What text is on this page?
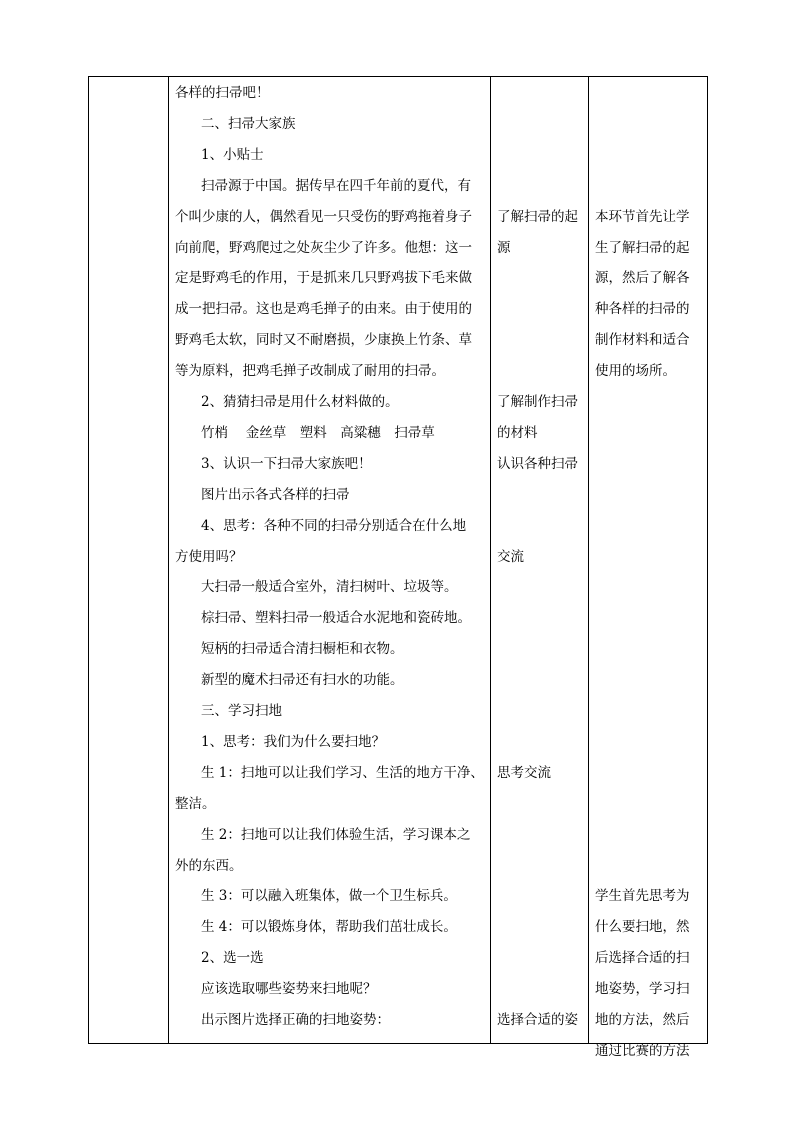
各样的扫帚吧！
二、扫帚大家族
1、小贴士
扫帚源于中国。据传早在四千年前的夏代，有
个叫少康的人，偶然看见一只受伤的野鸡拖着身子
向前爬，野鸡爬过之处灰尘少了许多。他想：这一
定是野鸡毛的作用，于是抓来几只野鸡拔下毛来做
成一把扫帚。这也是鸡毛掸子的由来。由于使用的
野鸡毛太软，同时又不耐磨损，少康换上竹条、草
等为原料，把鸡毛掸子改制成了耐用的扫帚。
2、猜猜扫帚是用什么材料做的。
竹梢　 金丝草　塑料　高粱穗　扫帚草
3、认识一下扫帚大家族吧！
图片出示各式各样的扫帚
4、思考：各种不同的扫帚分别适合在什么地
方使用吗？
大扫帚一般适合室外，清扫树叶、垃圾等。
棕扫帚、塑料扫帚一般适合水泥地和瓷砖地。
短柄的扫帚适合清扫橱柜和衣物。
新型的魔术扫帚还有扫水的功能。
三、学习扫地
1、思考：我们为什么要扫地？
生 1：扫地可以让我们学习、生活的地方干净、
整洁。
生 2：扫地可以让我们体验生活，学习课本之
外的东西。
生 3：可以融入班集体，做一个卫生标兵。
生 4：可以锻炼身体，帮助我们茁壮成长。
2、选一选
应该选取哪些姿势来扫地呢？
出示图片选择正确的扫地姿势：

了解扫帚的起
源
了解制作扫帚
的材料
认识各种扫帚
交流
思考交流
选择合适的姿

本环节首先让学
生了解扫帚的起
源，然后了解各
种各样的扫帚的
制作材料和适合
使用的场所。
学生首先思考为
什么要扫地，然
后选择合适的扫
地姿势，学习扫
地的方法，然后
通过比赛的方法
